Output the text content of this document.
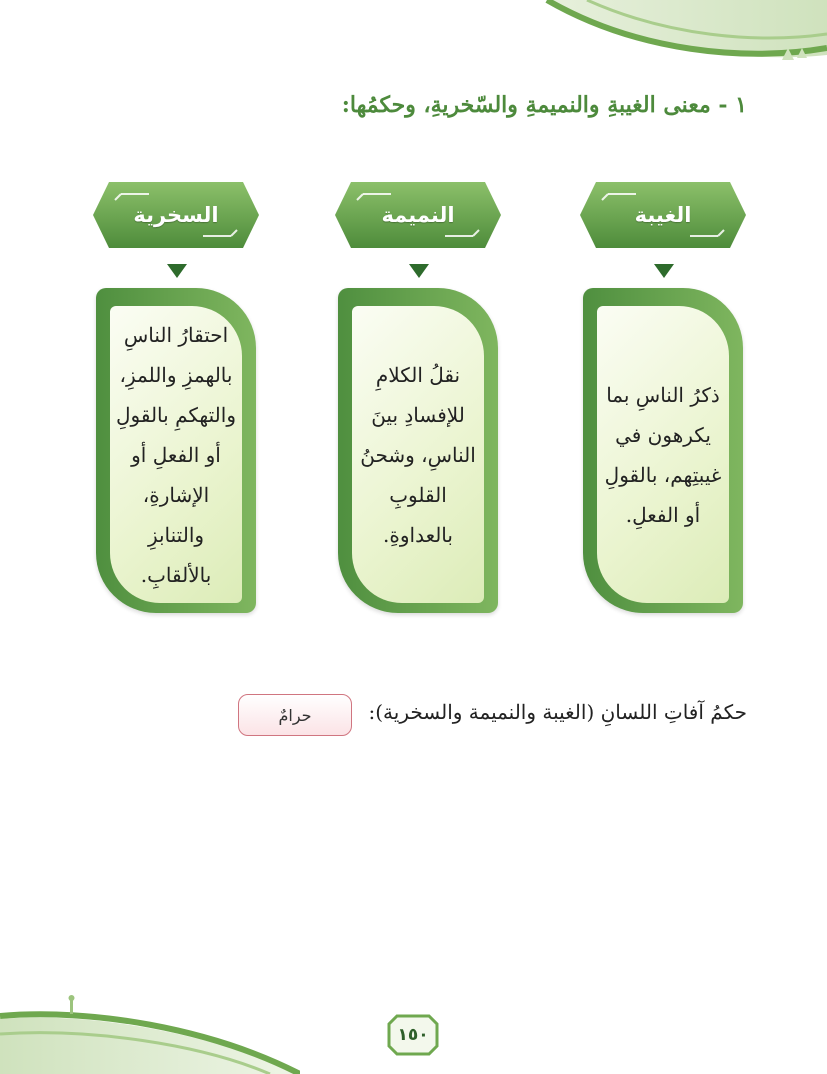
١ - معنى الغيبةِ والنميمةِ والسّخريةِ، وحكمُها:
الغيبة
ذكرُ الناسِ بما يكرهون في غيبتِهم، بالقولِ أو الفعلِ.
النميمة
نقلُ الكلامِ للإفسادِ بينَ الناسِ، وشحنُ القلوبِ بالعداوةِ.
السخرية
احتقارُ الناسِ بالهمزِ واللمزِ، والتهكمِ بالقولِ أو الفعلِ أو الإشارةِ، والتنابزِ بالألقابِ.
حكمُ آفاتِ اللسانِ (الغيبة والنميمة والسخرية):
حرامٌ
١٥٠
